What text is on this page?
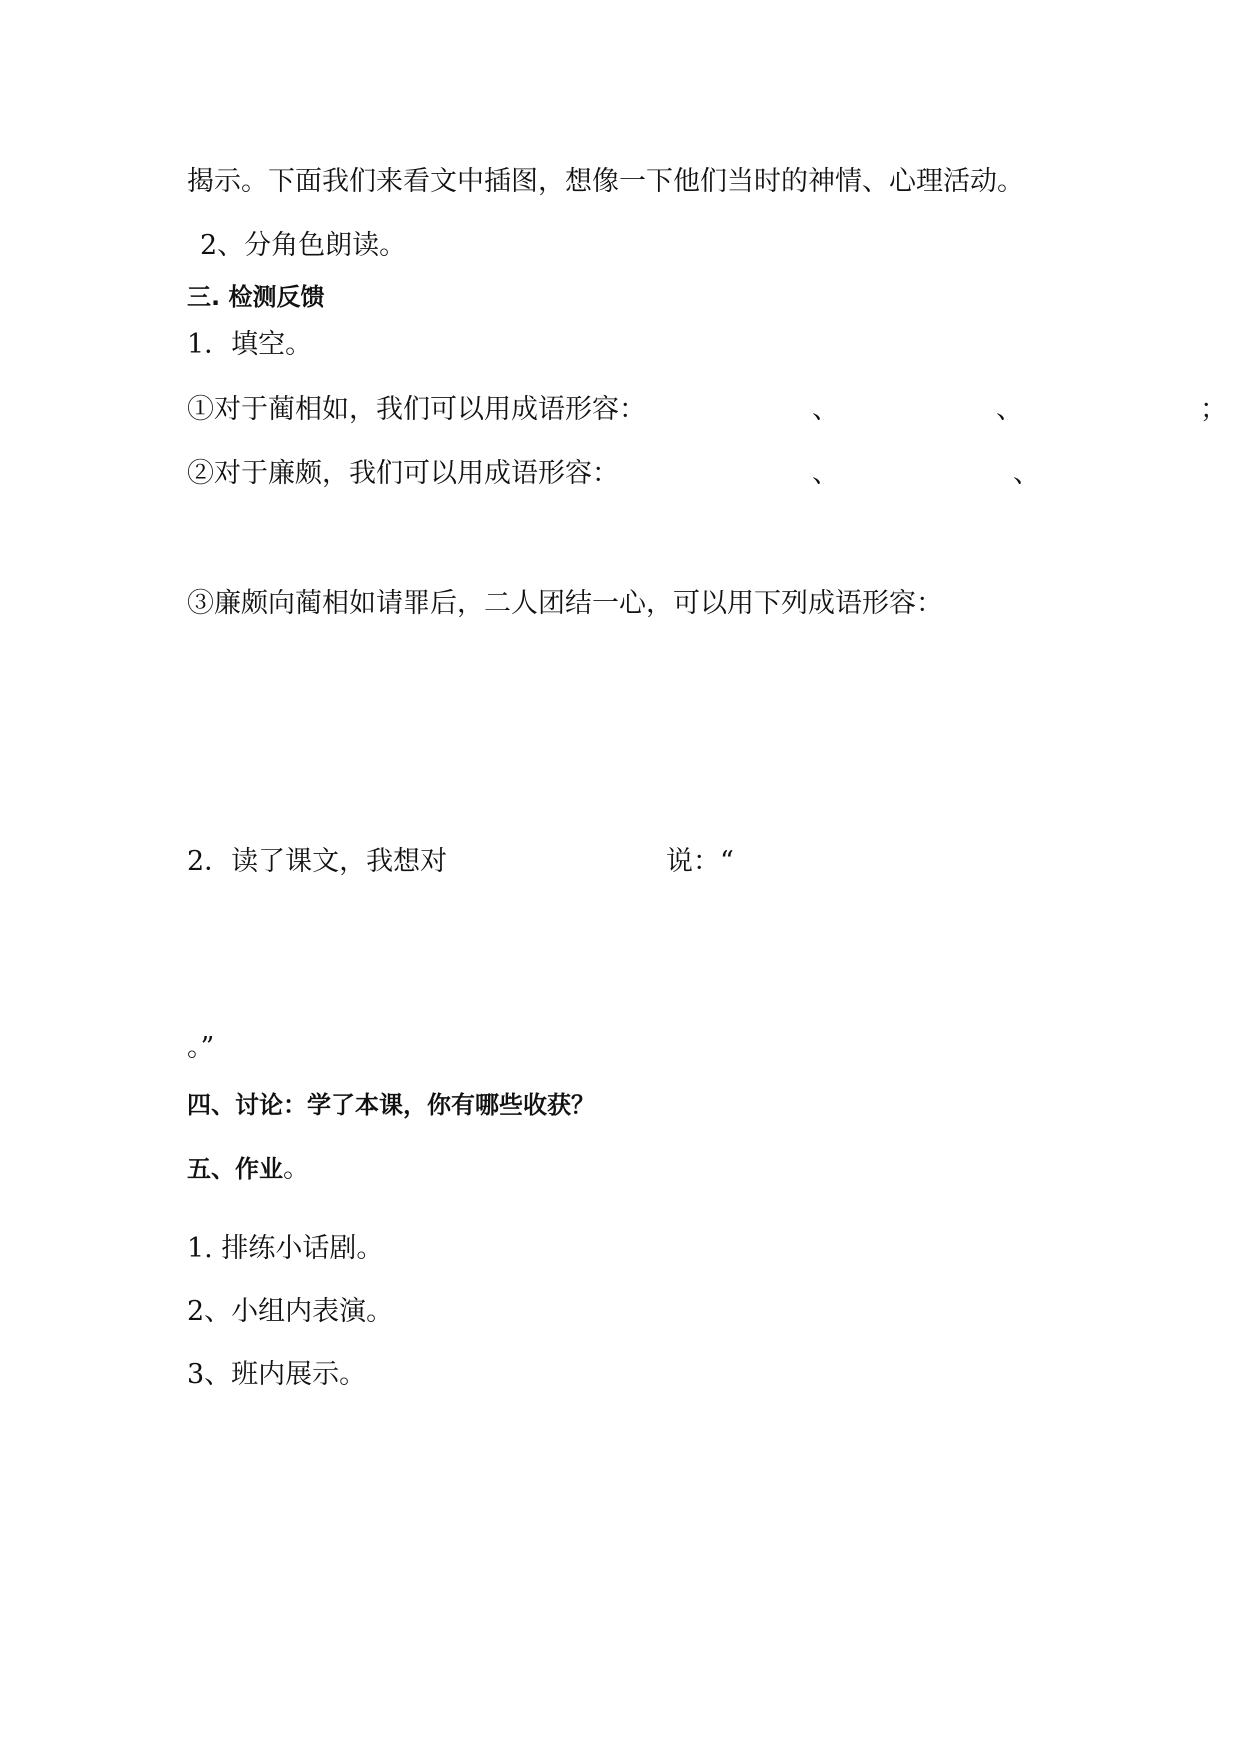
揭示。下面我们来看文中插图，想像一下他们当时的神情、心理活动。
2、分角色朗读。
三. 检测反馈
1．填空。
①对于蔺相如，我们可以用成语形容：	、	、	；
②对于廉颇，我们可以用成语形容：	、	、
③廉颇向蔺相如请罪后，二人团结一心，可以用下列成语形容：
2．读了课文，我想对	说：“
。”
四、讨论：学了本课，你有哪些收获？
五、作业。
1. 排练小话剧。
2、小组内表演。
3、班内展示。
